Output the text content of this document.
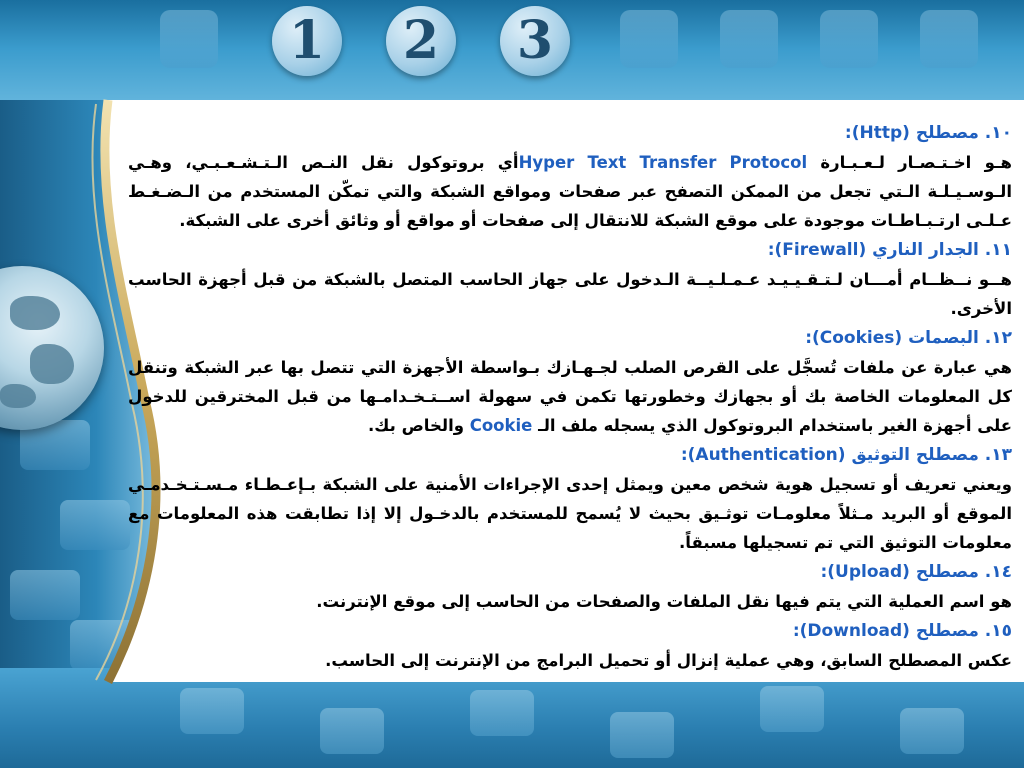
1	2	3
١٠. مصطلح (Http):
هـو اخـتـصـار لـعـبـارة Hyper Text Transfer Protocolأي بروتوكول نقل النـص الـتـشـعـبـي، وهـي الـوسـيـلـة الـتي تجعل من الممكن التصفح عبر صفحات ومواقع الشبكة والتي تمكّن المستخدم من الـضـغـط عـلـى ارتـبـاطـات موجودة على موقع الشبكة للانتقال إلى صفحات أو مواقع أو وثائق أخرى على الشبكة.
١١. الجدار الناري (Firewall):
هــو نــظــام أمـــان لـتـقـيـيـد عـمـلـيــة الـدخول على جهاز الحاسب المتصل بالشبكة من قبل أجهزة الحاسب الأخرى.
١٢. البصمات (Cookies):
هي عبارة عن ملفات تُسجَّل على القرص الصلب لجـهـازك بـواسطة الأجهزة التي تتصل بها عبر الشبكة وتنقل كل المعلومات الخاصة بك أو بجهازك وخطورتها تكمن في سهولة اســتـخـدامـها من قبل المخترقين للدخول على أجهزة الغير باستخدام البروتوكول الذي يسجله ملف الـ Cookie والخاص بك.
١٣. مصطلح التوثيق (Authentication):
ويعني تعريف أو تسجيل هوية شخص معين ويمثل إحدى الإجراءات الأمنية على الشبكة بـإعـطـاء مـسـتـخـدمـي الموقع أو البريد مـثلاً معلومـات توثـيق بحيث لا يُسمح للمستخدم بالدخـول إلا إذا تطابقت هذه المعلومات مع معلومات التوثيق التي تم تسجيلها مسبقاً.
١٤. مصطلح (Upload):
هو اسم العملية التي يتم فيها نقل الملفات والصفحات من الحاسب إلى موقع الإنترنت.
١٥. مصطلح (Download):
عكس المصطلح السابق، وهي عملية إنزال أو تحميل البرامج من الإنترنت إلى الحاسب.
